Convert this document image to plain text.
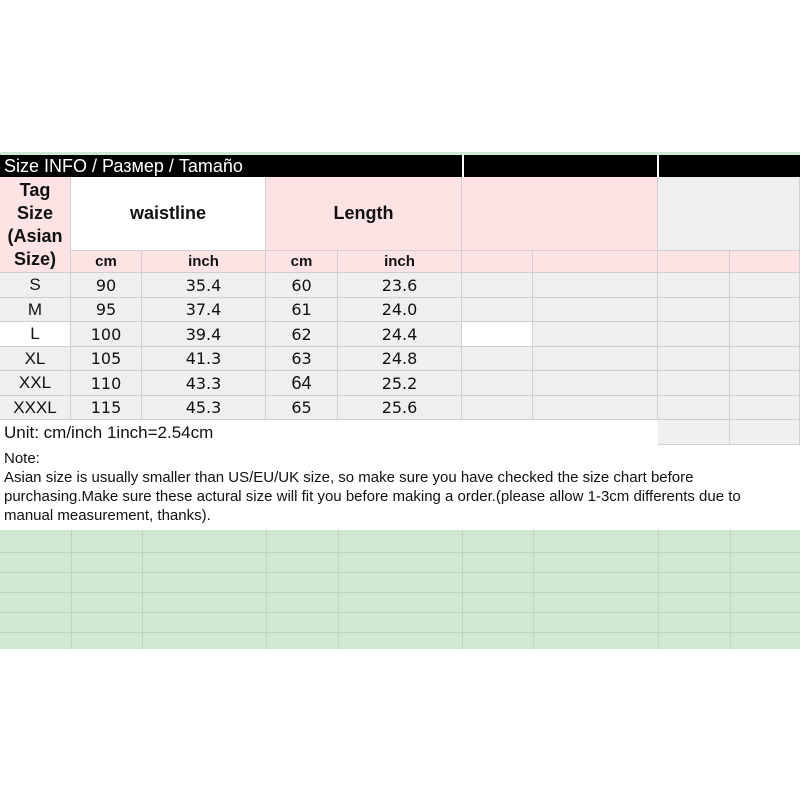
Size INFO / Размер / Tamaño
Tag Size (Asian Size)
waistline	Length
cm	inch	cm	inch
S	90	35.4	60	23.6
M	95	37.4	61	24.0
L	100	39.4	62	24.4
XL	105	41.3	63	24.8
XXL	110	43.3	64	25.2
XXXL	115	45.3	65	25.6
Unit: cm/inch 1inch=2.54cm
Note:
Asian size is usually smaller than US/EU/UK size, so make sure you have checked the size chart before purchasing.Make sure these actural size will fit you before making a order.(please allow 1-3cm differents due to manual measurement, thanks).
